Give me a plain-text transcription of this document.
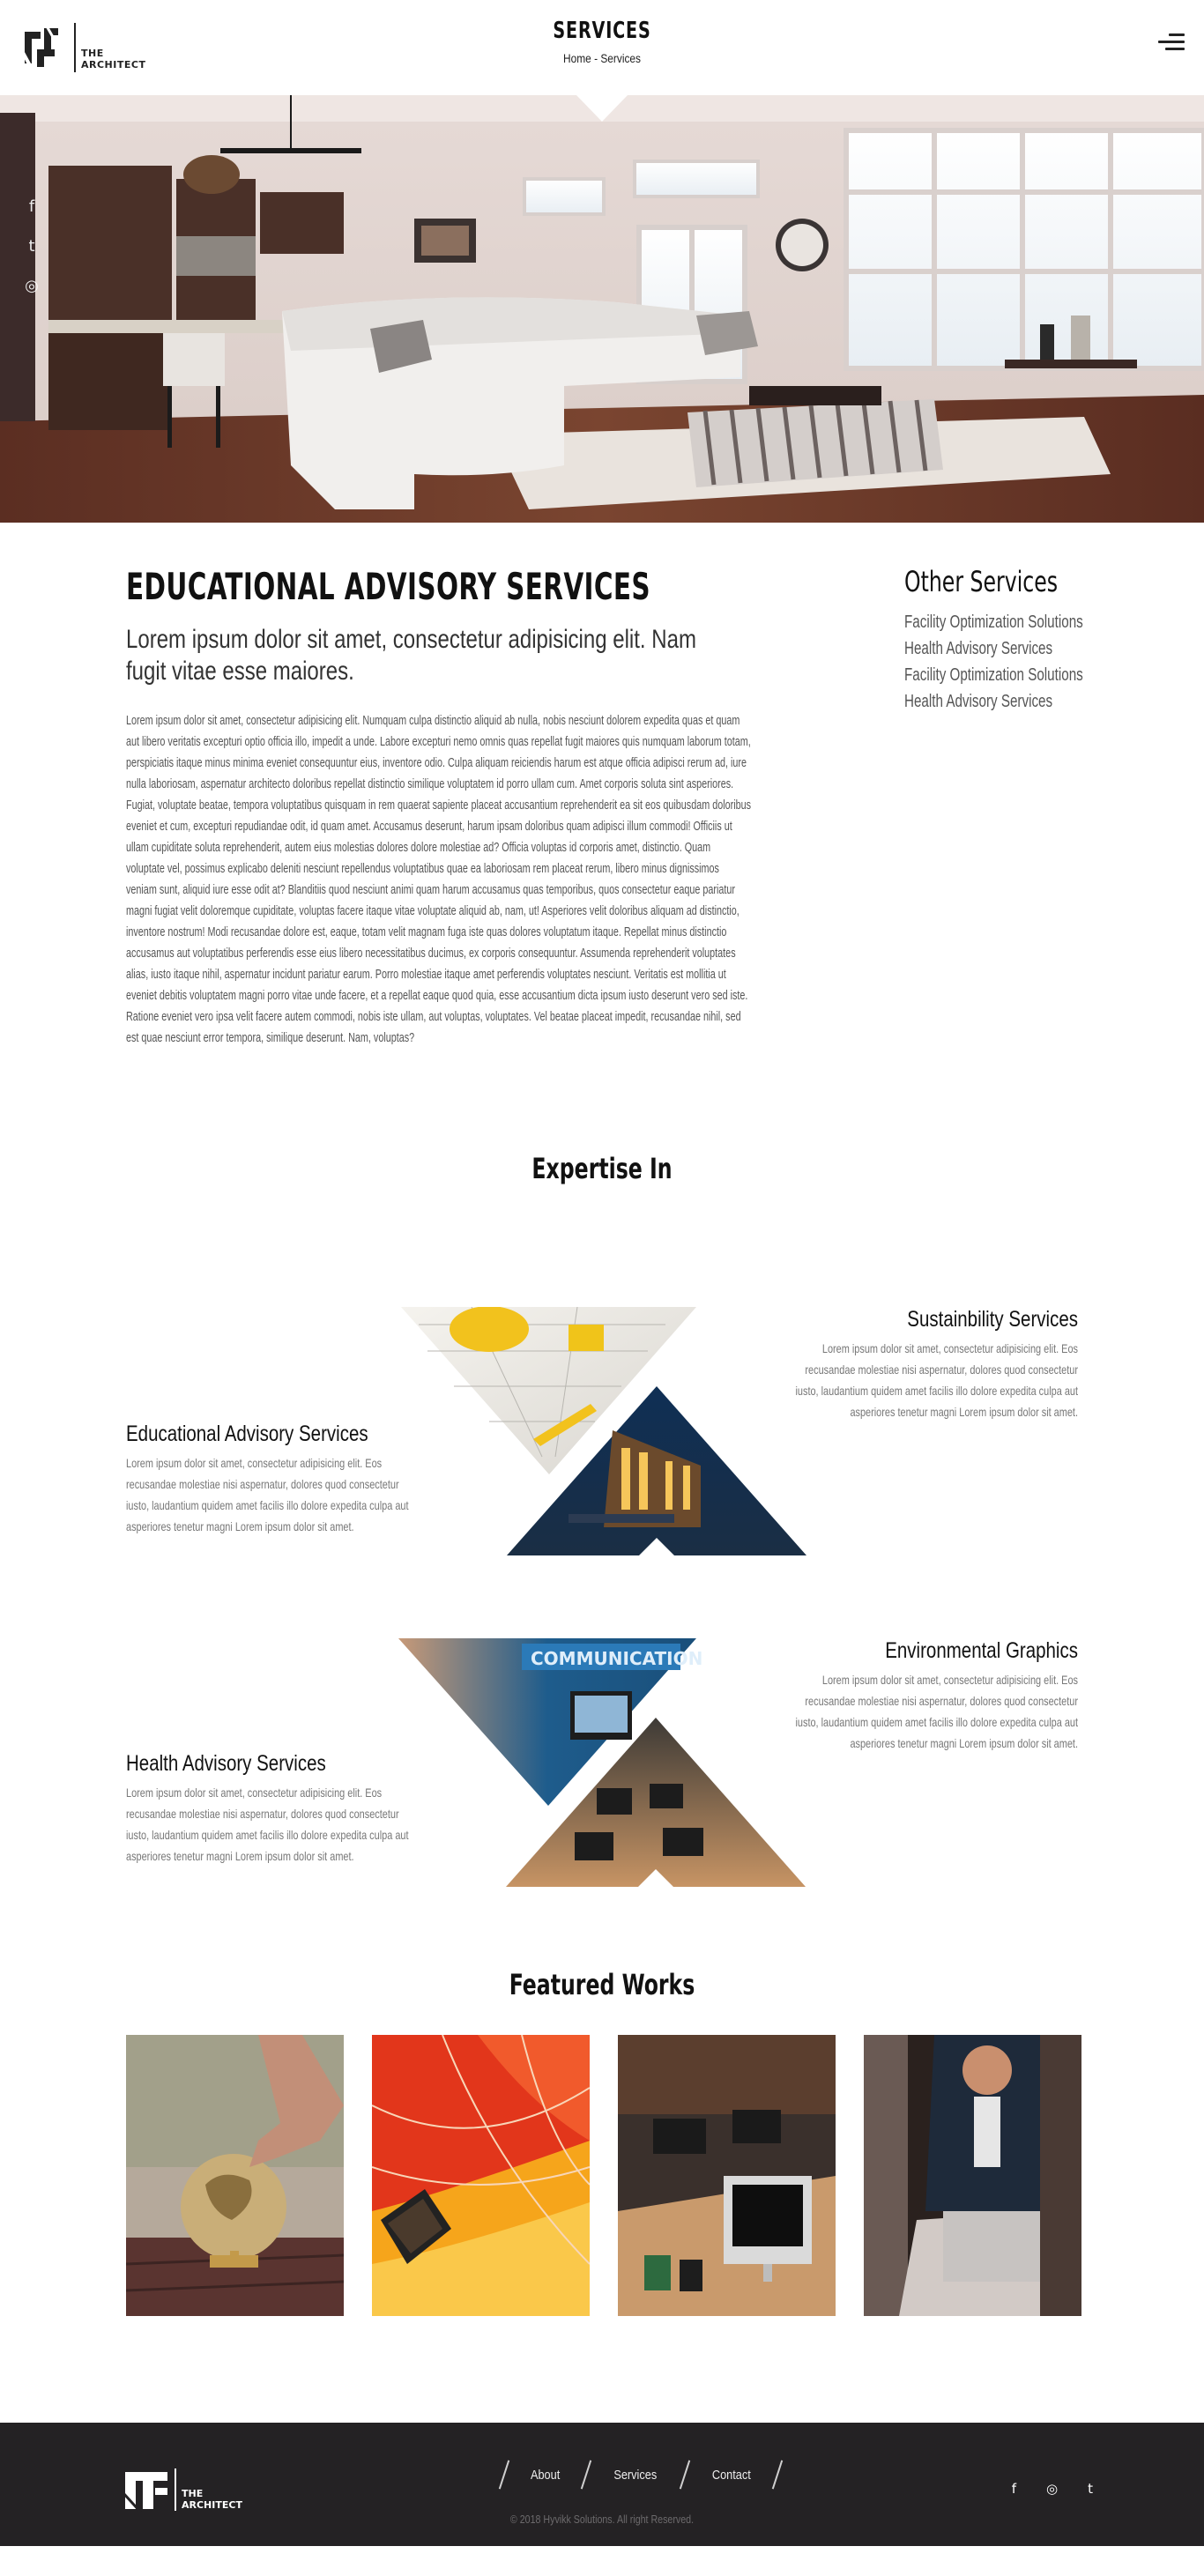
THE
ARCHITECT
SERVICES
Home - Services
f
t
◎
EDUCATIONAL ADVISORY SERVICES

Lorem ipsum dolor sit amet, consectetur adipisicing elit. Nam fugit vitae esse maiores.

Lorem ipsum dolor sit amet, consectetur adipisicing elit. Numquam culpa distinctio aliquid ab nulla, nobis nesciunt dolorem expedita quas et quam aut libero veritatis excepturi optio officia illo, impedit a unde. Labore excepturi nemo omnis quas repellat fugit maiores quis numquam laborum totam, perspiciatis itaque minus minima eveniet consequuntur eius, inventore odio. Culpa aliquam reiciendis harum est atque officia adipisci rerum ad, iure nulla laboriosam, aspernatur architecto doloribus repellat distinctio similique voluptatem id porro ullam cum. Amet corporis soluta sint asperiores. Fugiat, voluptate beatae, tempora voluptatibus quisquam in rem quaerat sapiente placeat accusantium reprehenderit ea sit eos quibusdam doloribus eveniet et cum, excepturi repudiandae odit, id quam amet. Accusamus deserunt, harum ipsam doloribus quam adipisci illum commodi! Officiis ut ullam cupiditate soluta reprehenderit, autem eius molestias dolores dolore molestiae ad? Officia voluptas id corporis amet, distinctio. Quam voluptate vel, possimus explicabo deleniti nesciunt repellendus voluptatibus quae ea laboriosam rem placeat rerum, libero minus dignissimos veniam sunt, aliquid iure esse odit at? Blanditiis quod nesciunt animi quam harum accusamus quas temporibus, quos consectetur eaque pariatur magni fugiat velit doloremque cupiditate, voluptas facere itaque vitae voluptate aliquid ab, nam, ut! Asperiores velit doloribus aliquam ad distinctio, inventore nostrum! Modi recusandae dolore est, eaque, totam velit magnam fuga iste quas dolores voluptatum itaque. Repellat minus distinctio accusamus aut voluptatibus perferendis esse eius libero necessitatibus ducimus, ex corporis consequuntur. Assumenda reprehenderit voluptates alias, iusto itaque nihil, aspernatur incidunt pariatur earum. Porro molestiae itaque amet perferendis voluptates nesciunt. Veritatis est mollitia ut eveniet debitis voluptatem magni porro vitae unde facere, et a repellat eaque quod quia, esse accusantium dicta ipsum iusto deserunt vero sed iste. Ratione eveniet vero ipsa velit facere autem commodi, nobis iste ullam, aut voluptas, voluptates. Vel beatae placeat impedit, recusandae nihil, sed est quae nesciunt error tempora, similique deserunt. Nam, voluptas?

Other Services
Facility Optimization Solutions
Health Advisory Services
Facility Optimization Solutions
Health Advisory Services
Expertise In
Sustainbility Services

Lorem ipsum dolor sit amet, consectetur adipisicing elit. Eos recusandae molestiae nisi aspernatur, dolores quod consectetur iusto, laudantium quidem amet facilis illo dolore expedita culpa aut asperiores tenetur magni Lorem ipsum dolor sit amet.

Educational Advisory Services

Lorem ipsum dolor sit amet, consectetur adipisicing elit. Eos recusandae molestiae nisi aspernatur, dolores quod consectetur iusto, laudantium quidem amet facilis illo dolore expedita culpa aut asperiores tenetur magni Lorem ipsum dolor sit amet.

COMMUNICATION	Environmental Graphics

Lorem ipsum dolor sit amet, consectetur adipisicing elit. Eos recusandae molestiae nisi aspernatur, dolores quod consectetur iusto, laudantium quidem amet facilis illo dolore expedita culpa aut asperiores tenetur magni Lorem ipsum dolor sit amet.

Health Advisory Services

Lorem ipsum dolor sit amet, consectetur adipisicing elit. Eos recusandae molestiae nisi aspernatur, dolores quod consectetur iusto, laudantium quidem amet facilis illo dolore expedita culpa aut asperiores tenetur magni Lorem ipsum dolor sit amet.

Featured Works
THE
ARCHITECT
About	Services	Contact
© 2018 Hyvikk Solutions. All right Reserved.
f ◎ t
